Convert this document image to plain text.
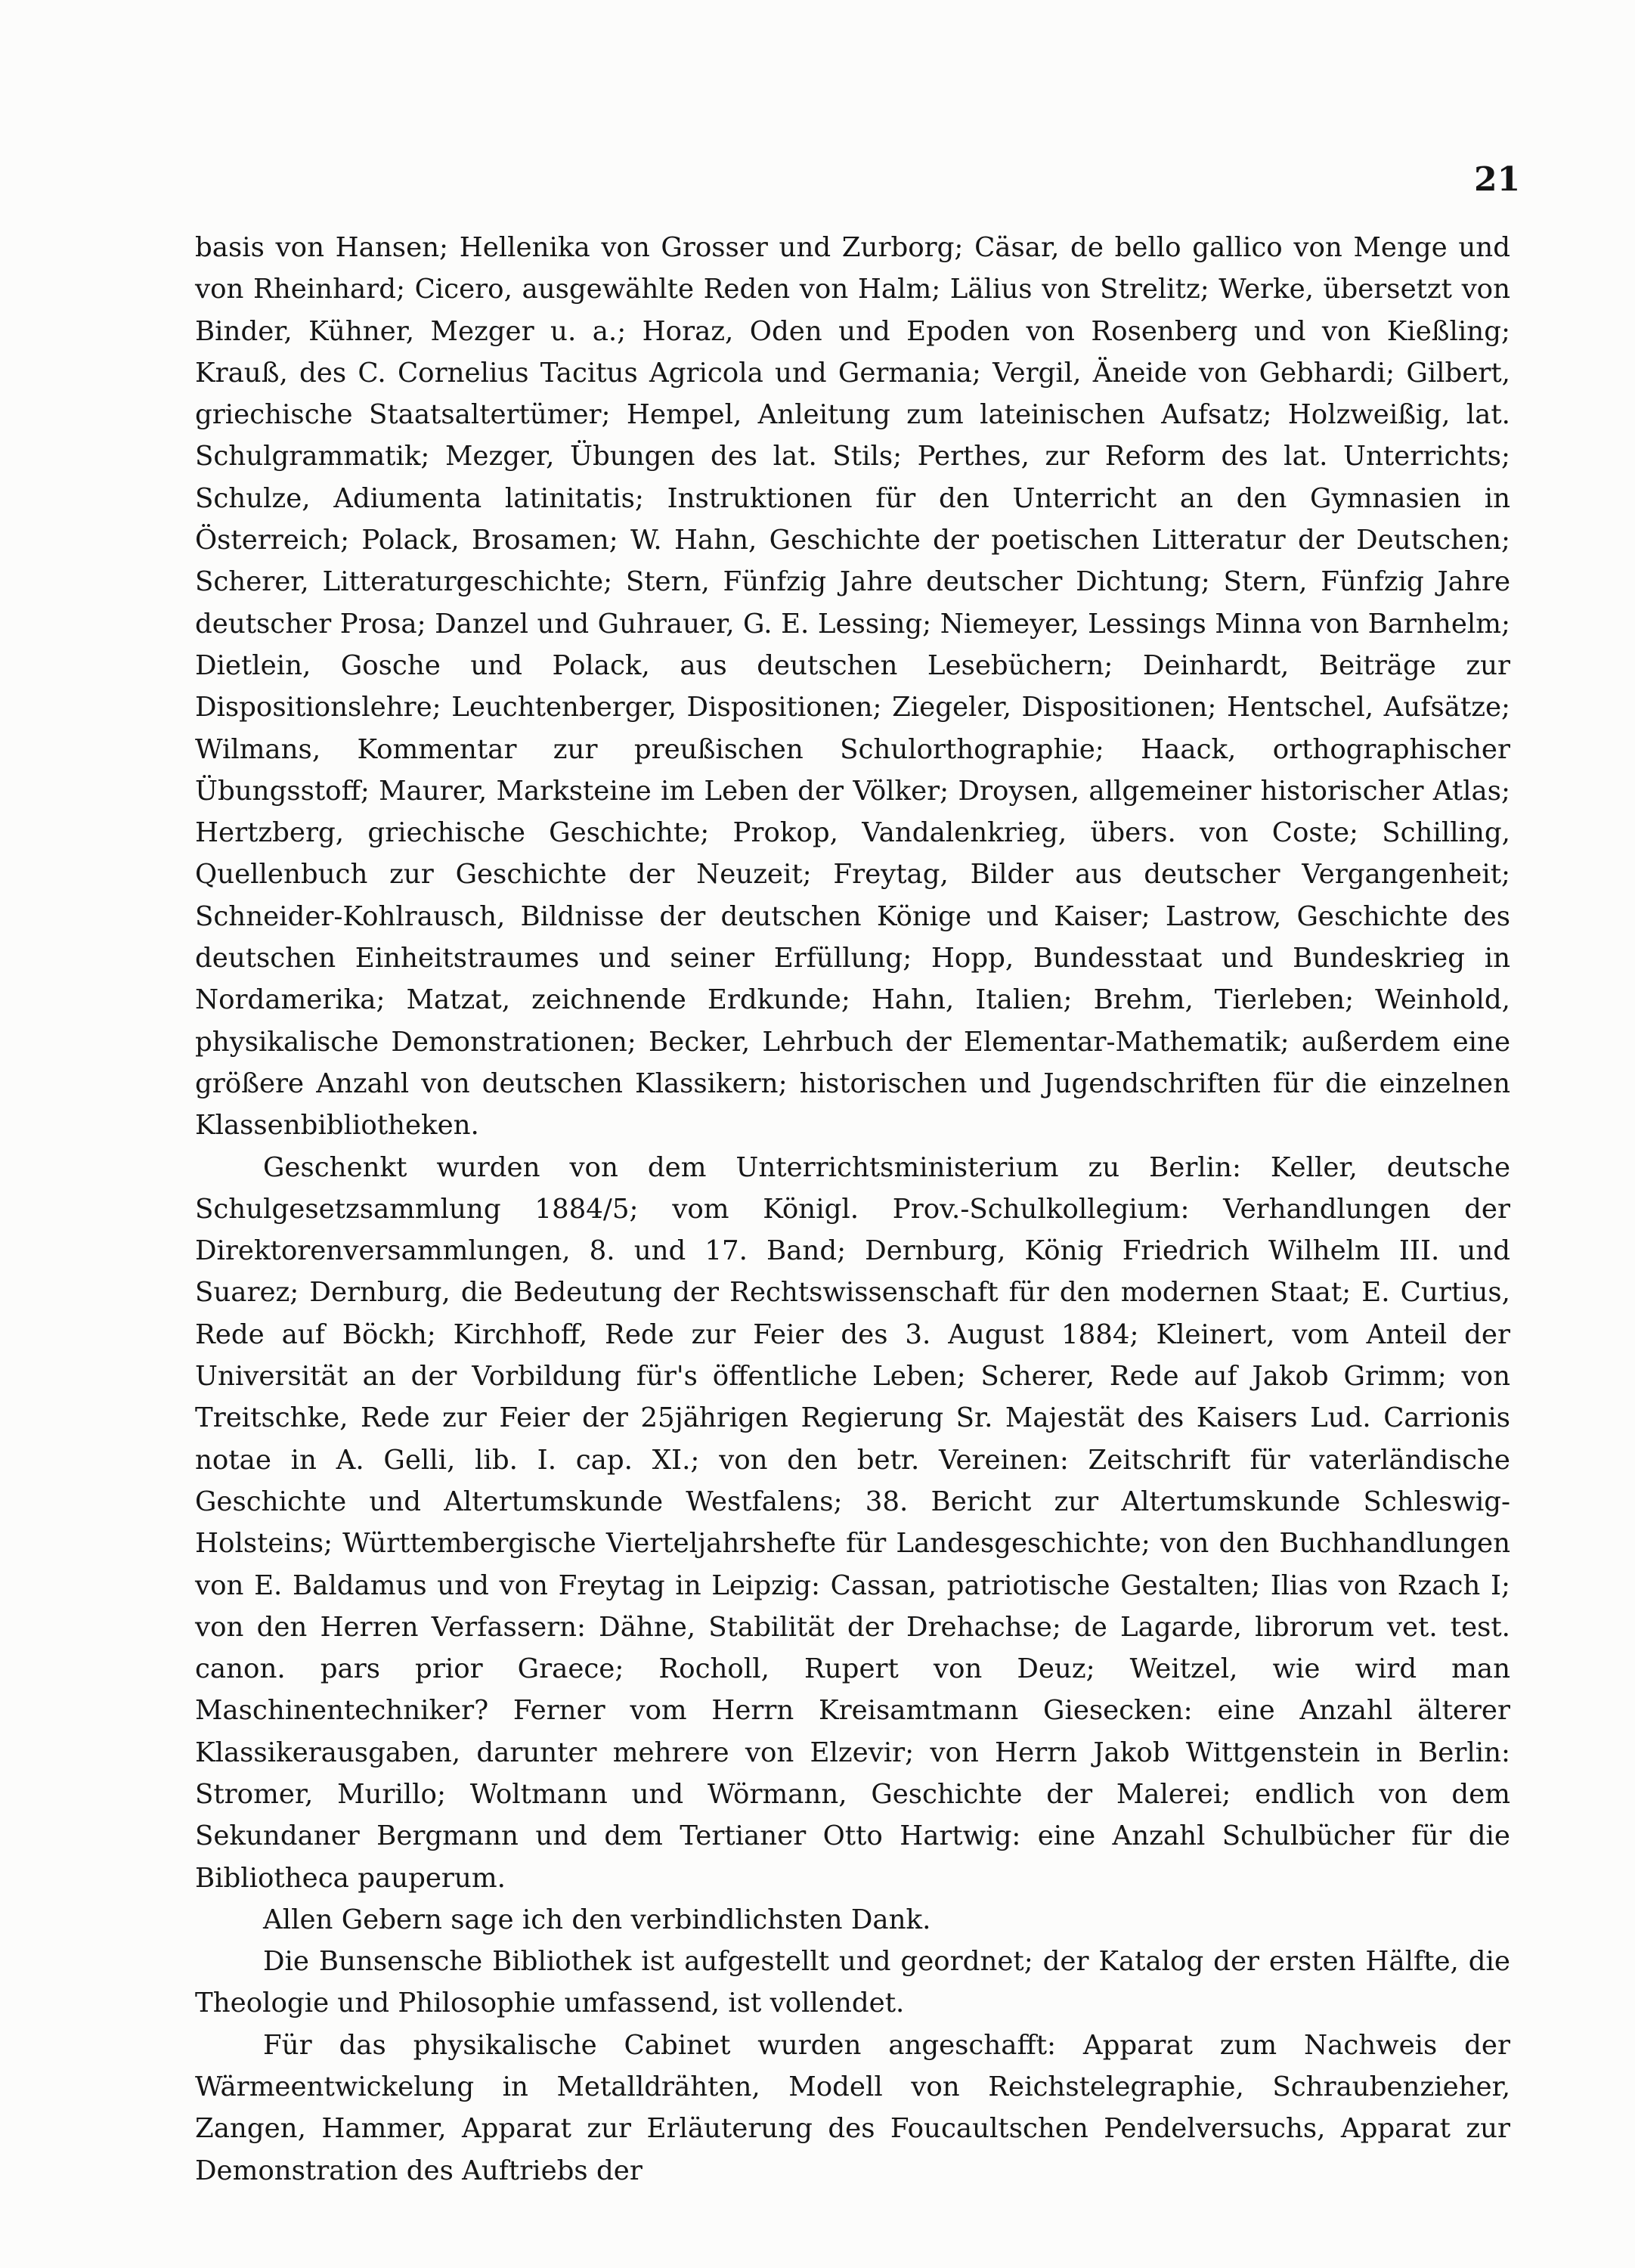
21

basis von Hansen; Hellenika von Grosser und Zurborg; Cäsar, de bello gallico von Menge und von Rheinhard; Cicero, ausgewählte Reden von Halm; Lälius von Strelitz; Werke, übersetzt von Binder, Kühner, Mezger u. a.; Horaz, Oden und Epoden von Rosenberg und von Kießling; Krauß, des C. Cornelius Tacitus Agricola und Germania; Vergil, Äneide von Gebhardi; Gilbert, griechische Staatsaltertümer; Hempel, Anleitung zum lateinischen Aufsatz; Holzweißig, lat. Schulgrammatik; Mezger, Übungen des lat. Stils; Perthes, zur Reform des lat. Unterrichts; Schulze, Adiumenta latinitatis; Instruktionen für den Unterricht an den Gymnasien in Österreich; Polack, Brosamen; W. Hahn, Geschichte der poetischen Litteratur der Deutschen; Scherer, Litteraturgeschichte; Stern, Fünfzig Jahre deutscher Dichtung; Stern, Fünfzig Jahre deutscher Prosa; Danzel und Guhrauer, G. E. Lessing; Niemeyer, Lessings Minna von Barnhelm; Dietlein, Gosche und Polack, aus deutschen Lesebüchern; Deinhardt, Beiträge zur Dispositionslehre; Leuchtenberger, Dispositionen; Ziegeler, Dispositionen; Hentschel, Aufsätze; Wilmans, Kommentar zur preußischen Schulorthographie; Haack, orthographischer Übungsstoff; Maurer, Marksteine im Leben der Völker; Droysen, allgemeiner historischer Atlas; Hertzberg, griechische Geschichte; Prokop, Vandalenkrieg, übers. von Coste; Schilling, Quellenbuch zur Geschichte der Neuzeit; Freytag, Bilder aus deutscher Vergangenheit; Schneider-Kohlrausch, Bildnisse der deutschen Könige und Kaiser; Lastrow, Geschichte des deutschen Einheitstraumes und seiner Erfüllung; Hopp, Bundesstaat und Bundeskrieg in Nordamerika; Matzat, zeichnende Erdkunde; Hahn, Italien; Brehm, Tierleben; Weinhold, physikalische Demonstrationen; Becker, Lehrbuch der Elementar-Mathematik; außerdem eine größere Anzahl von deutschen Klassikern; historischen und Jugendschriften für die einzelnen Klassenbibliotheken.

Geschenkt wurden von dem Unterrichtsministerium zu Berlin: Keller, deutsche Schulgesetzsammlung 1884/5; vom Königl. Prov.-Schulkollegium: Verhandlungen der Direktorenversammlungen, 8. und 17. Band; Dernburg, König Friedrich Wilhelm III. und Suarez; Dernburg, die Bedeutung der Rechtswissenschaft für den modernen Staat; E. Curtius, Rede auf Böckh; Kirchhoff, Rede zur Feier des 3. August 1884; Kleinert, vom Anteil der Universität an der Vorbildung für's öffentliche Leben; Scherer, Rede auf Jakob Grimm; von Treitschke, Rede zur Feier der 25jährigen Regierung Sr. Majestät des Kaisers Lud. Carrionis notae in A. Gelli, lib. I. cap. XI.; von den betr. Vereinen: Zeitschrift für vaterländische Geschichte und Altertumskunde Westfalens; 38. Bericht zur Altertumskunde Schleswig-Holsteins; Württembergische Vierteljahrshefte für Landesgeschichte; von den Buchhandlungen von E. Baldamus und von Freytag in Leipzig: Cassan, patriotische Gestalten; Ilias von Rzach I; von den Herren Verfassern: Dähne, Stabilität der Drehachse; de Lagarde, librorum vet. test. canon. pars prior Graece; Rocholl, Rupert von Deuz; Weitzel, wie wird man Maschinentechniker? Ferner vom Herrn Kreisamtmann Giesecken: eine Anzahl älterer Klassikerausgaben, darunter mehrere von Elzevir; von Herrn Jakob Wittgenstein in Berlin: Stromer, Murillo; Woltmann und Wörmann, Geschichte der Malerei; endlich von dem Sekundaner Bergmann und dem Tertianer Otto Hartwig: eine Anzahl Schulbücher für die Bibliotheca pauperum.

Allen Gebern sage ich den verbindlichsten Dank.

Die Bunsensche Bibliothek ist aufgestellt und geordnet; der Katalog der ersten Hälfte, die Theologie und Philosophie umfassend, ist vollendet.

Für das physikalische Cabinet wurden angeschafft: Apparat zum Nachweis der Wärmeentwickelung in Metalldrähten, Modell von Reichstelegraphie, Schraubenzieher, Zangen, Hammer, Apparat zur Erläuterung des Foucaultschen Pendelversuchs, Apparat zur Demonstration des Auftriebs der
